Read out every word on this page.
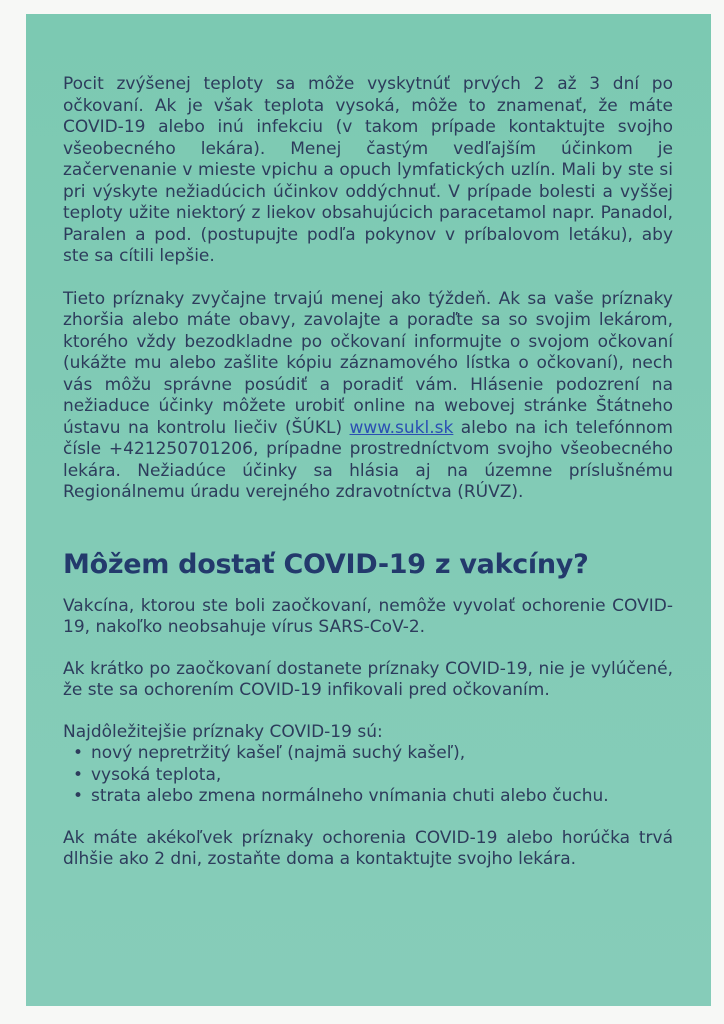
Pocit zvýšenej teploty sa môže vyskytnúť prvých 2 až 3 dní po očkovaní. Ak je však teplota vysoká, môže to znamenať, že máte COVID-19 alebo inú infekciu (v takom prípade kontaktujte svojho všeobecného lekára). Menej častým vedľajším účinkom je začervenanie v mieste vpichu a opuch lymfatických uzlín. Mali by ste si pri výskyte nežiadúcich účinkov oddýchnuť. V prípade bolesti a vyššej teploty užite niektorý z liekov obsahujúcich paracetamol napr. Panadol, Paralen a pod. (postupujte podľa pokynov v príbalovom letáku), aby ste sa cítili lepšie.

Tieto príznaky zvyčajne trvajú menej ako týždeň. Ak sa vaše príznaky zhoršia alebo máte obavy, zavolajte a poraďte sa so svojim lekárom, ktorého vždy bezodkladne po očkovaní informujte o svojom očkovaní (ukážte mu alebo zašlite kópiu záznamového lístka o očkovaní), nech vás môžu správne posúdiť a poradiť vám. Hlásenie podozrení na nežiaduce účinky môžete urobiť online na webovej stránke Štátneho ústavu na kontrolu liečiv (ŠÚKL) www.sukl.sk alebo na ich telefónnom čísle +421250701206, prípadne prostredníctvom svojho všeobecného lekára. Nežiadúce účinky sa hlásia aj na územne príslušnému Regionálnemu úradu verejného zdravotníctva (RÚVZ).

Môžem dostať COVID-19 z vakcíny?

Vakcína, ktorou ste boli zaočkovaní, nemôže vyvolať ochorenie COVID-19, nakoľko neobsahuje vírus SARS-CoV-2.

Ak krátko po zaočkovaní dostanete príznaky COVID-19, nie je vylúčené, že ste sa ochorením COVID-19 infikovali pred očkovaním.

Najdôležitejšie príznaky COVID-19 sú:

• nový nepretržitý kašeľ (najmä suchý kašeľ),
• vysoká teplota,
• strata alebo zmena normálneho vnímania chuti alebo čuchu.

Ak máte akékoľvek príznaky ochorenia COVID-19 alebo horúčka trvá dlhšie ako 2 dni, zostaňte doma a kontaktujte svojho lekára.
